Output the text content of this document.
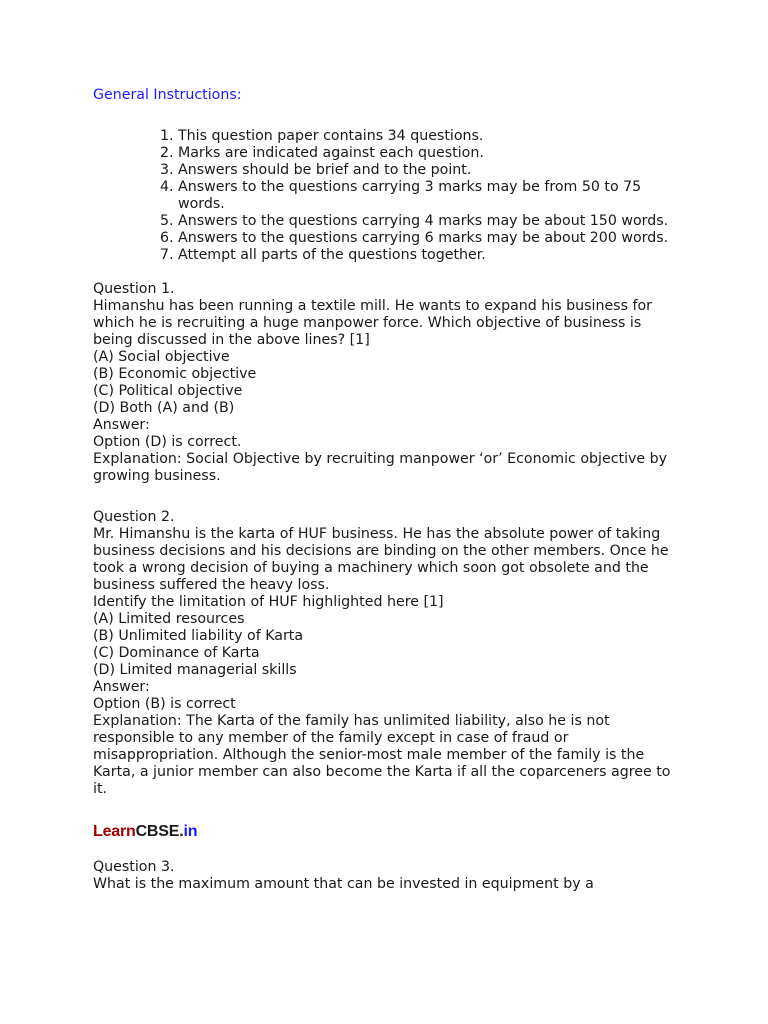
General Instructions:

1. This question paper contains 34 questions.
2. Marks are indicated against each question.
3. Answers should be brief and to the point.
4. Answers to the questions carrying 3 marks may be from 50 to 75 words.
5. Answers to the questions carrying 4 marks may be about 150 words.
6. Answers to the questions carrying 6 marks may be about 200 words.
7. Attempt all parts of the questions together.
Question 1.
Himanshu has been running a textile mill. He wants to expand his business for which he is recruiting a huge manpower force. Which objective of business is being discussed in the above lines? [1]
(A) Social objective
(B) Economic objective
(C) Political objective
(D) Both (A) and (B)
Answer:
Option (D) is correct.
Explanation: Social Objective by recruiting manpower ‘or’ Economic objective by growing business.
Question 2.
Mr. Himanshu is the karta of HUF business. He has the absolute power of taking business decisions and his decisions are binding on the other members. Once he took a wrong decision of buying a machinery which soon got obsolete and the business suffered the heavy loss.
Identify the limitation of HUF highlighted here [1]
(A) Limited resources
(B) Unlimited liability of Karta
(C) Dominance of Karta
(D) Limited managerial skills
Answer:
Option (B) is correct
Explanation: The Karta of the family has unlimited liability, also he is not responsible to any member of the family except in case of fraud or misappropriation. Although the senior-most male member of the family is the Karta, a junior member can also become the Karta if all the coparceners agree to it.
LearnCBSE.in
Question 3.
What is the maximum amount that can be invested in equipment by a
